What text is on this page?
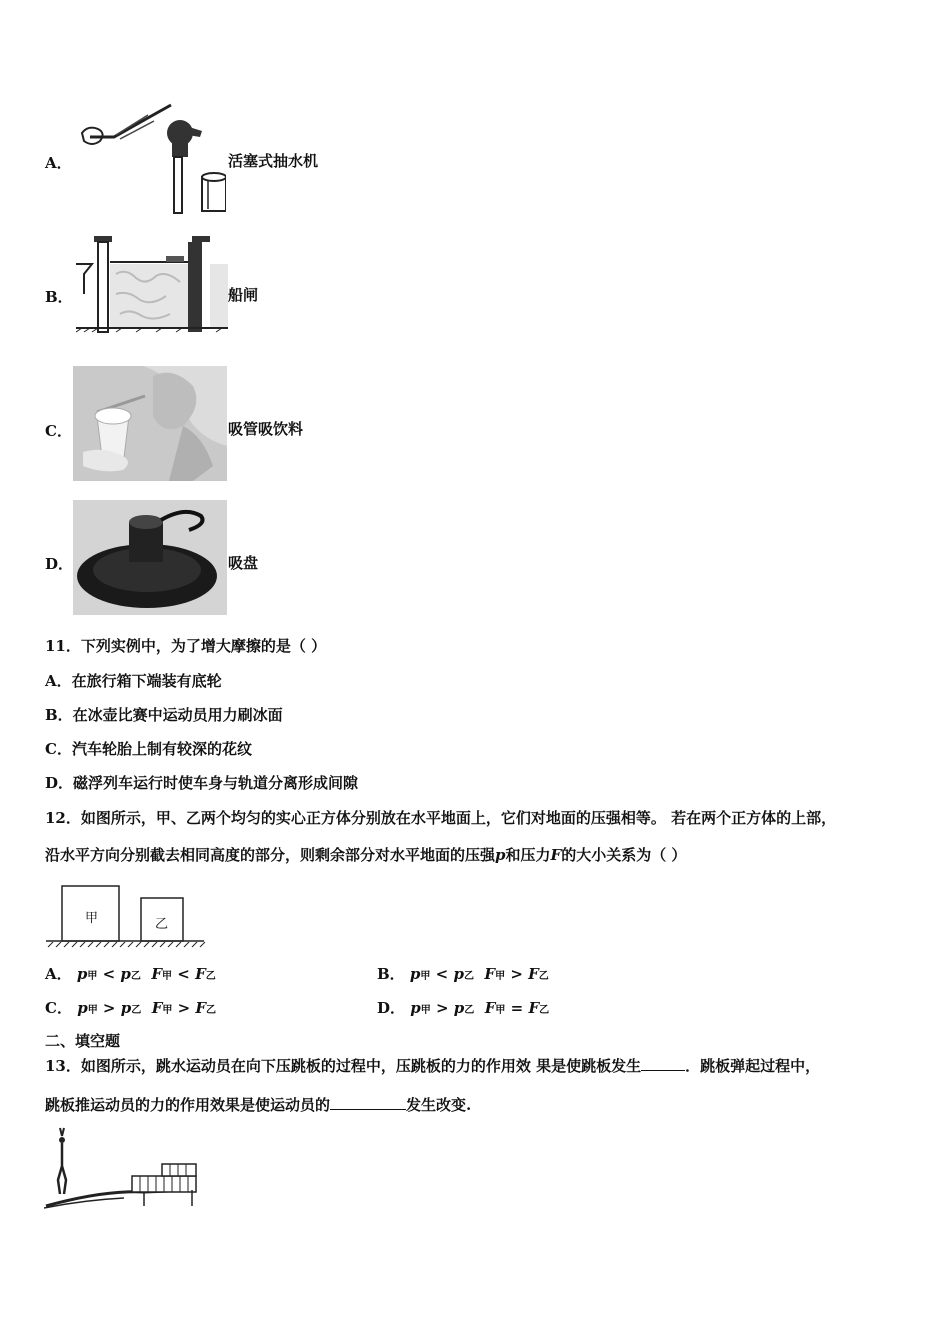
A．	活塞式抽水机
B．	船闸
C．	吸管吸饮料
D．	吸盘
11．下列实例中，为了增大摩擦的是（ ）
A．在旅行箱下端装有底轮
B．在冰壶比赛中运动员用力刷冰面
C．汽车轮胎上制有较深的花纹
D．磁浮列车运行时使车身与轨道分离形成间隙
12．如图所示，甲、乙两个均匀的实心正方体分别放在水平地面上，它们对地面的压强相等。 若在两个正方体的上部，
沿水平方向分别截去相同高度的部分，则剩余部分对水平地面的压强p和压力F的大小关系为（ ）
甲	乙
A． p甲 < p乙 F甲 < F乙	B． p甲 < p乙 F甲 > F乙
C． p甲 > p乙 F甲 > F乙	D． p甲 > p乙 F甲 = F乙
二、填空题
13．如图所示，跳水运动员在向下压跳板的过程中，压跳板的力的作用效 果是使跳板发生	．跳板弹起过程中，
跳板推运动员的力的作用效果是使运动员的	发生改变.
